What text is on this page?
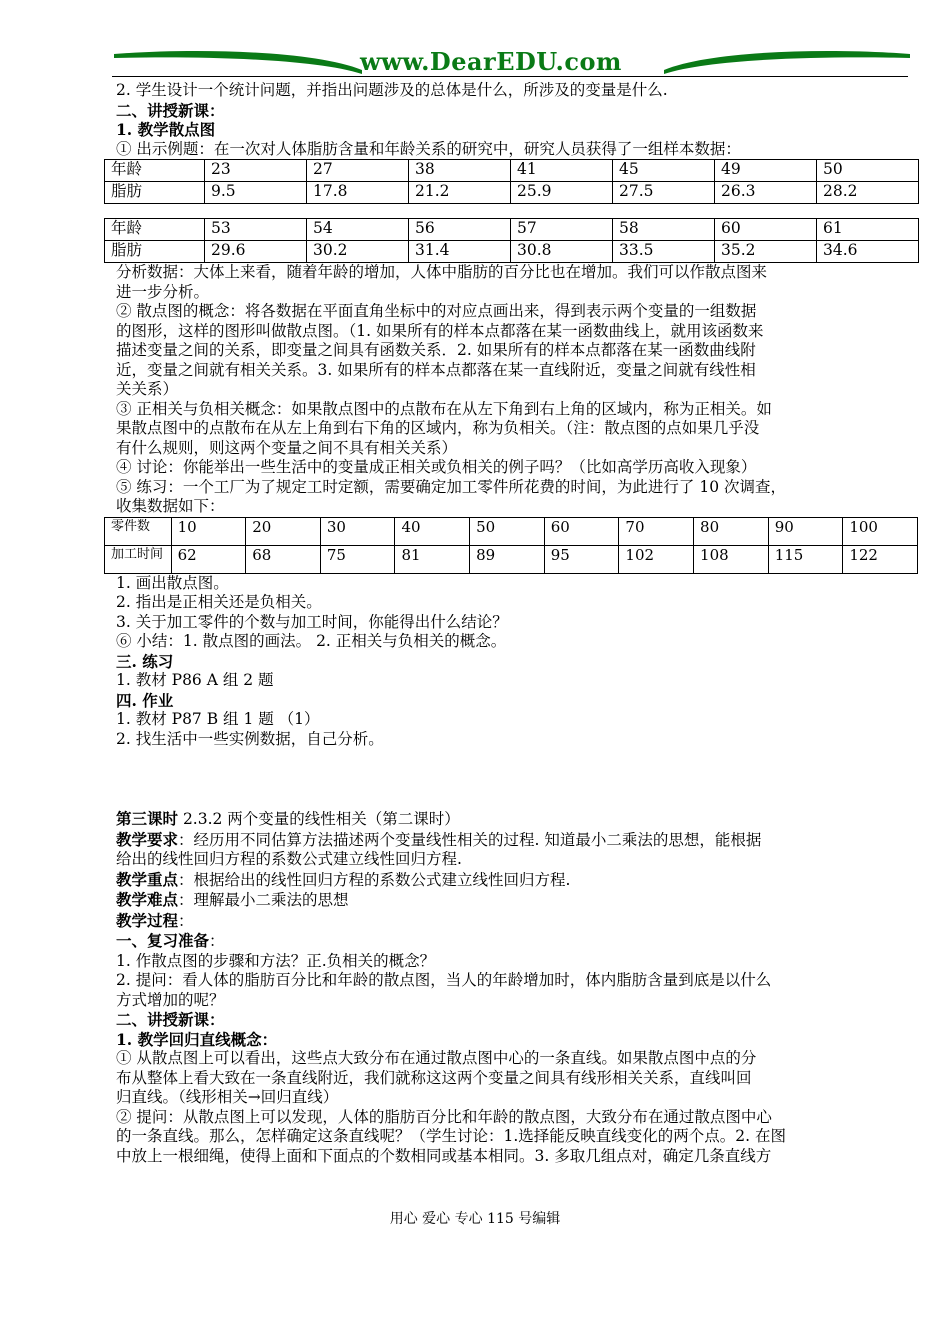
www.DearEDU.com

2. 学生设计一个统计问题，并指出问题涉及的总体是什么，所涉及的变量是什么.

二、讲授新课：

1. 教学散点图

① 出示例题：在一次对人体脂肪含量和年龄关系的研究中，研究人员获得了一组样本数据：

年龄	23	27	38	41	45	49	50
脂肪	9.5	17.8	21.2	25.9	27.5	26.3	28.2
年龄	53	54	56	57	58	60	61
脂肪	29.6	30.2	31.4	30.8	33.5	35.2	34.6

分析数据：大体上来看，随着年龄的增加，人体中脂肪的百分比也在增加。我们可以作散点图来

进一步分析。

② 散点图的概念：将各数据在平面直角坐标中的对应点画出来，得到表示两个变量的一组数据

的图形，这样的图形叫做散点图。（1. 如果所有的样本点都落在某一函数曲线上，就用该函数来

描述变量之间的关系，即变量之间具有函数关系．2. 如果所有的样本点都落在某一函数曲线附

近，变量之间就有相关关系。3. 如果所有的样本点都落在某一直线附近，变量之间就有线性相

关关系）

③ 正相关与负相关概念：如果散点图中的点散布在从左下角到右上角的区域内，称为正相关。如

果散点图中的点散布在从左上角到右下角的区域内，称为负相关。（注：散点图的点如果几乎没

有什么规则，则这两个变量之间不具有相关关系）

④ 讨论：你能举出一些生活中的变量成正相关或负相关的例子吗？（比如高学历高收入现象）

⑤ 练习：一个工厂为了规定工时定额，需要确定加工零件所花费的时间，为此进行了 10 次调查，

收集数据如下：

零件数	10	20	30	40	50	60	70	80	90	100
加工时间	62	68	75	81	89	95	102	108	115	122

1. 画出散点图。

2. 指出是正相关还是负相关。

3. 关于加工零件的个数与加工时间，你能得出什么结论？

⑥ 小结：1. 散点图的画法。 2. 正相关与负相关的概念。

三. 练习

1. 教材 P86 A 组 2 题

四. 作业

1. 教材 P87 B 组 1 题 （1）

2. 找生活中一些实例数据，自己分析。

第三课时 2.3.2 两个变量的线性相关（第二课时）

教学要求：经历用不同估算方法描述两个变量线性相关的过程. 知道最小二乘法的思想，能根据

给出的线性回归方程的系数公式建立线性回归方程.

教学重点：根据给出的线性回归方程的系数公式建立线性回归方程.

教学难点：理解最小二乘法的思想

教学过程：

一、复习准备：

1. 作散点图的步骤和方法？正.负相关的概念？

2. 提问：看人体的脂肪百分比和年龄的散点图，当人的年龄增加时，体内脂肪含量到底是以什么

方式增加的呢？

二、讲授新课：

1. 教学回归直线概念：

① 从散点图上可以看出，这些点大致分布在通过散点图中心的一条直线。如果散点图中点的分

布从整体上看大致在一条直线附近，我们就称这这两个变量之间具有线形相关关系，直线叫回

归直线。（线形相关→回归直线）

② 提问：从散点图上可以发现，人体的脂肪百分比和年龄的散点图，大致分布在通过散点图中心

的一条直线。那么，怎样确定这条直线呢？（学生讨论：1.选择能反映直线变化的两个点。2. 在图

中放上一根细绳，使得上面和下面点的个数相同或基本相同。3. 多取几组点对，确定几条直线方

用心 爱心 专心 115 号编辑
